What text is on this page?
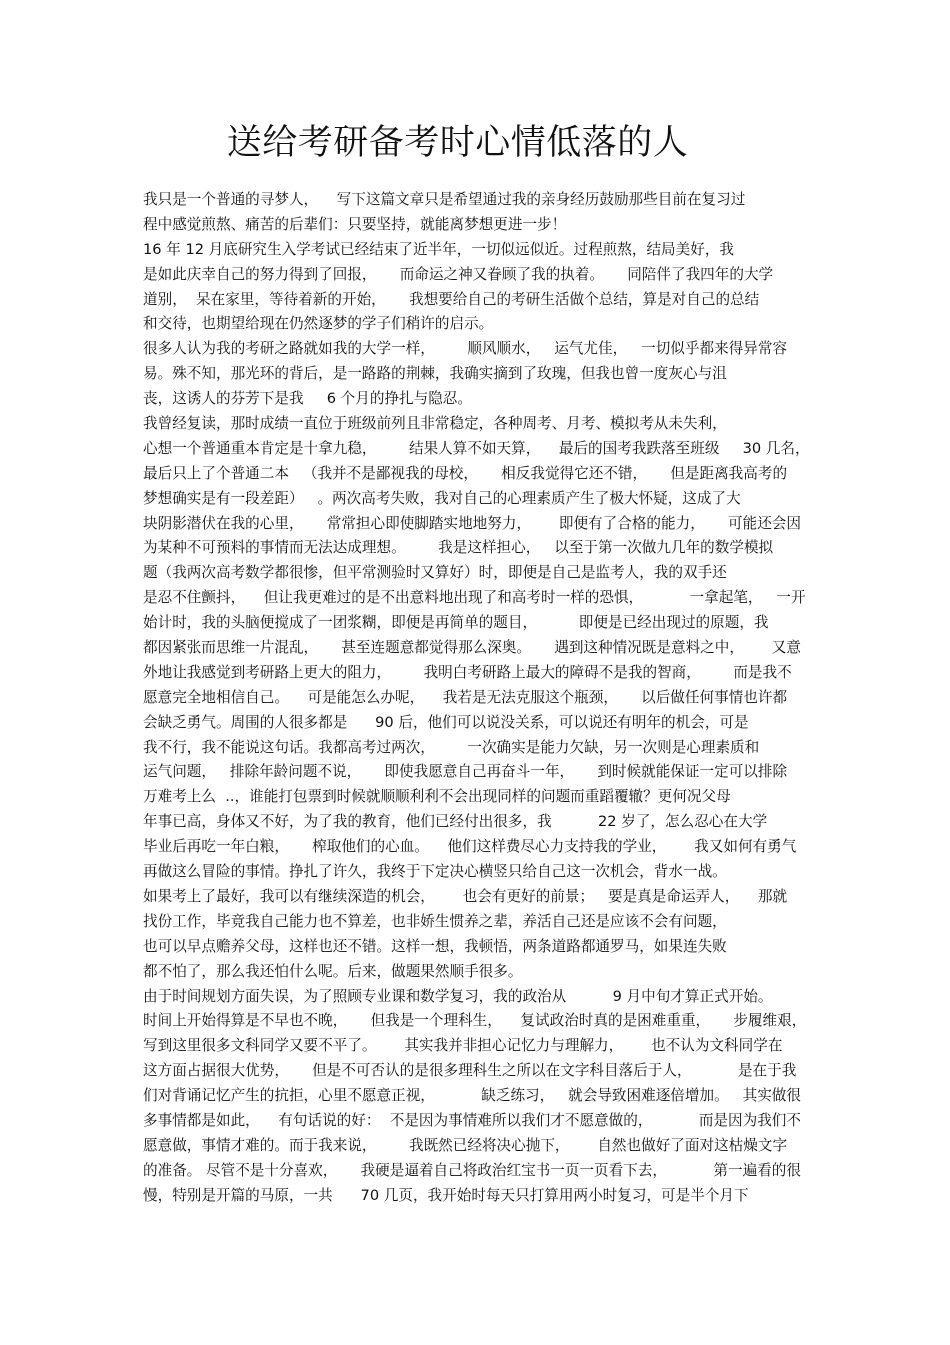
送给考研备考时心情低落的人
我只是一个普通的寻梦人，    写下这篇文章只是希望通过我的亲身经历鼓励那些目前在复习过
程中感觉煎熬、痛苦的后辈们：只要坚持，就能离梦想更进一步！
16 年 12 月底研究生入学考试已经结束了近半年，一切似远似近。过程煎熬，结局美好，我
是如此庆幸自己的努力得到了回报，     而命运之神又眷顾了我的执着。     同陪伴了我四年的大学
道别，  呆在家里，等待着新的开始，     我想要给自己的考研生活做个总结，算是对自己的总结
和交待，也期望给现在仍然逐梦的学子们稍许的启示。
很多人认为我的考研之路就如我的大学一样，       顺风顺水，   运气尤佳，   一切似乎都来得异常容
易。殊不知，那光环的背后，是一路路的荆棘，我确实摘到了玫瑰，但我也曾一度灰心与沮
丧，这诱人的芬芳下是我     6 个月的挣扎与隐忍。
我曾经复读，那时成绩一直位于班级前列且非常稳定，各种周考、月考、模拟考从未失利，
心想一个普通重本肯定是十拿九稳，       结果人算不如天算，    最后的国考我跌落至班级     30 几名，
最后只上了个普通二本   （我并不是鄙视我的母校，     相反我觉得它还不错，     但是距离我高考的
梦想确实是有一段差距）   。两次高考失败，我对自己的心理素质产生了极大怀疑，这成了大
块阴影潜伏在我的心里，     常常担心即使脚踏实地地努力，      即便有了合格的能力，     可能还会因
为某种不可预料的事情而无法达成理想。       我是这样担心，   以至于第一次做九几年的数学模拟
题（我两次高考数学都很惨，但平常测验时又算好）时，即便是自己是监考人，我的双手还
是忍不住颤抖，    但让我更难过的是不出意料地出现了和高考时一样的恐惧，          一拿起笔，   一开
始计时，我的头脑便搅成了一团浆糊，即便是再简单的题目，         即便是已经出现过的原题，我
都因紧张而思维一片混乱，     甚至连题意都觉得那么深奥。     遇到这种情况既是意料之中，      又意
外地让我感觉到考研路上更大的阻力，       我明白考研路上最大的障碍不是我的智商，       而是我不
愿意完全地相信自己。    可是能怎么办呢，    我若是无法克服这个瓶颈，     以后做任何事情也许都
会缺乏勇气。周围的人很多都是      90 后，他们可以说没关系，可以说还有明年的机会，可是
我不行，我不能说这句话。我都高考过两次，       一次确实是能力欠缺，另一次则是心理素质和
运气问题，   排除年龄问题不说，     即使我愿意自己再奋斗一年，     到时候就能保证一定可以排除
万难考上么  ..，谁能打包票到时候就顺顺利利不会出现同样的问题而重蹈覆辙？更何况父母
年事已高，身体又不好，为了我的教育，他们已经付出很多，我          22 岁了，怎么忍心在大学
毕业后再吃一年白粮，     榨取他们的心血。    他们这样费尽心力支持我的学业，      我又如何有勇气
再做这么冒险的事情。挣扎了许久，我终于下定决心横竖只给自己这一次机会，背水一战。
如果考上了最好，我可以有继续深造的机会，      也会有更好的前景；   要是真是命运弄人，    那就
找份工作，毕竟我自己能力也不算差，也非娇生惯养之辈，养活自己还是应该不会有问题，
也可以早点赡养父母，这样也还不错。这样一想，我顿悟，两条道路都通罗马，如果连失败
都不怕了，那么我还怕什么呢。后来，做题果然顺手很多。
由于时间规划方面失误，为了照顾专业课和数学复习，我的政治从          9 月中旬才算正式开始。
时间上开始得算是不早也不晚，     但我是一个理科生，    复试政治时真的是困难重重，     步履维艰，
写到这里很多文科同学又要不平了。      其实我并非担心记忆力与理解力，      也不认为文科同学在
这方面占据很大优势，     但是不可否认的是很多理科生之所以在文字科目落后于人，          是在于我
们对背诵记忆产生的抗拒，心里不愿意正视，          缺乏练习，   就会导致困难逐倍增加。   其实做很
多事情都是如此，    有句话说的好：  不是因为事情难所以我们才不愿意做的，          而是因为我们不
愿意做，事情才难的。而于我来说，       我既然已经将决心抛下，      自然也做好了面对这枯燥文字
的准备。 尽管不是十分喜欢，     我硬是逼着自己将政治红宝书一页一页看下去，          第一遍看的很
慢，特别是开篇的马原，一共      70 几页，我开始时每天只打算用两小时复习，可是半个月下
